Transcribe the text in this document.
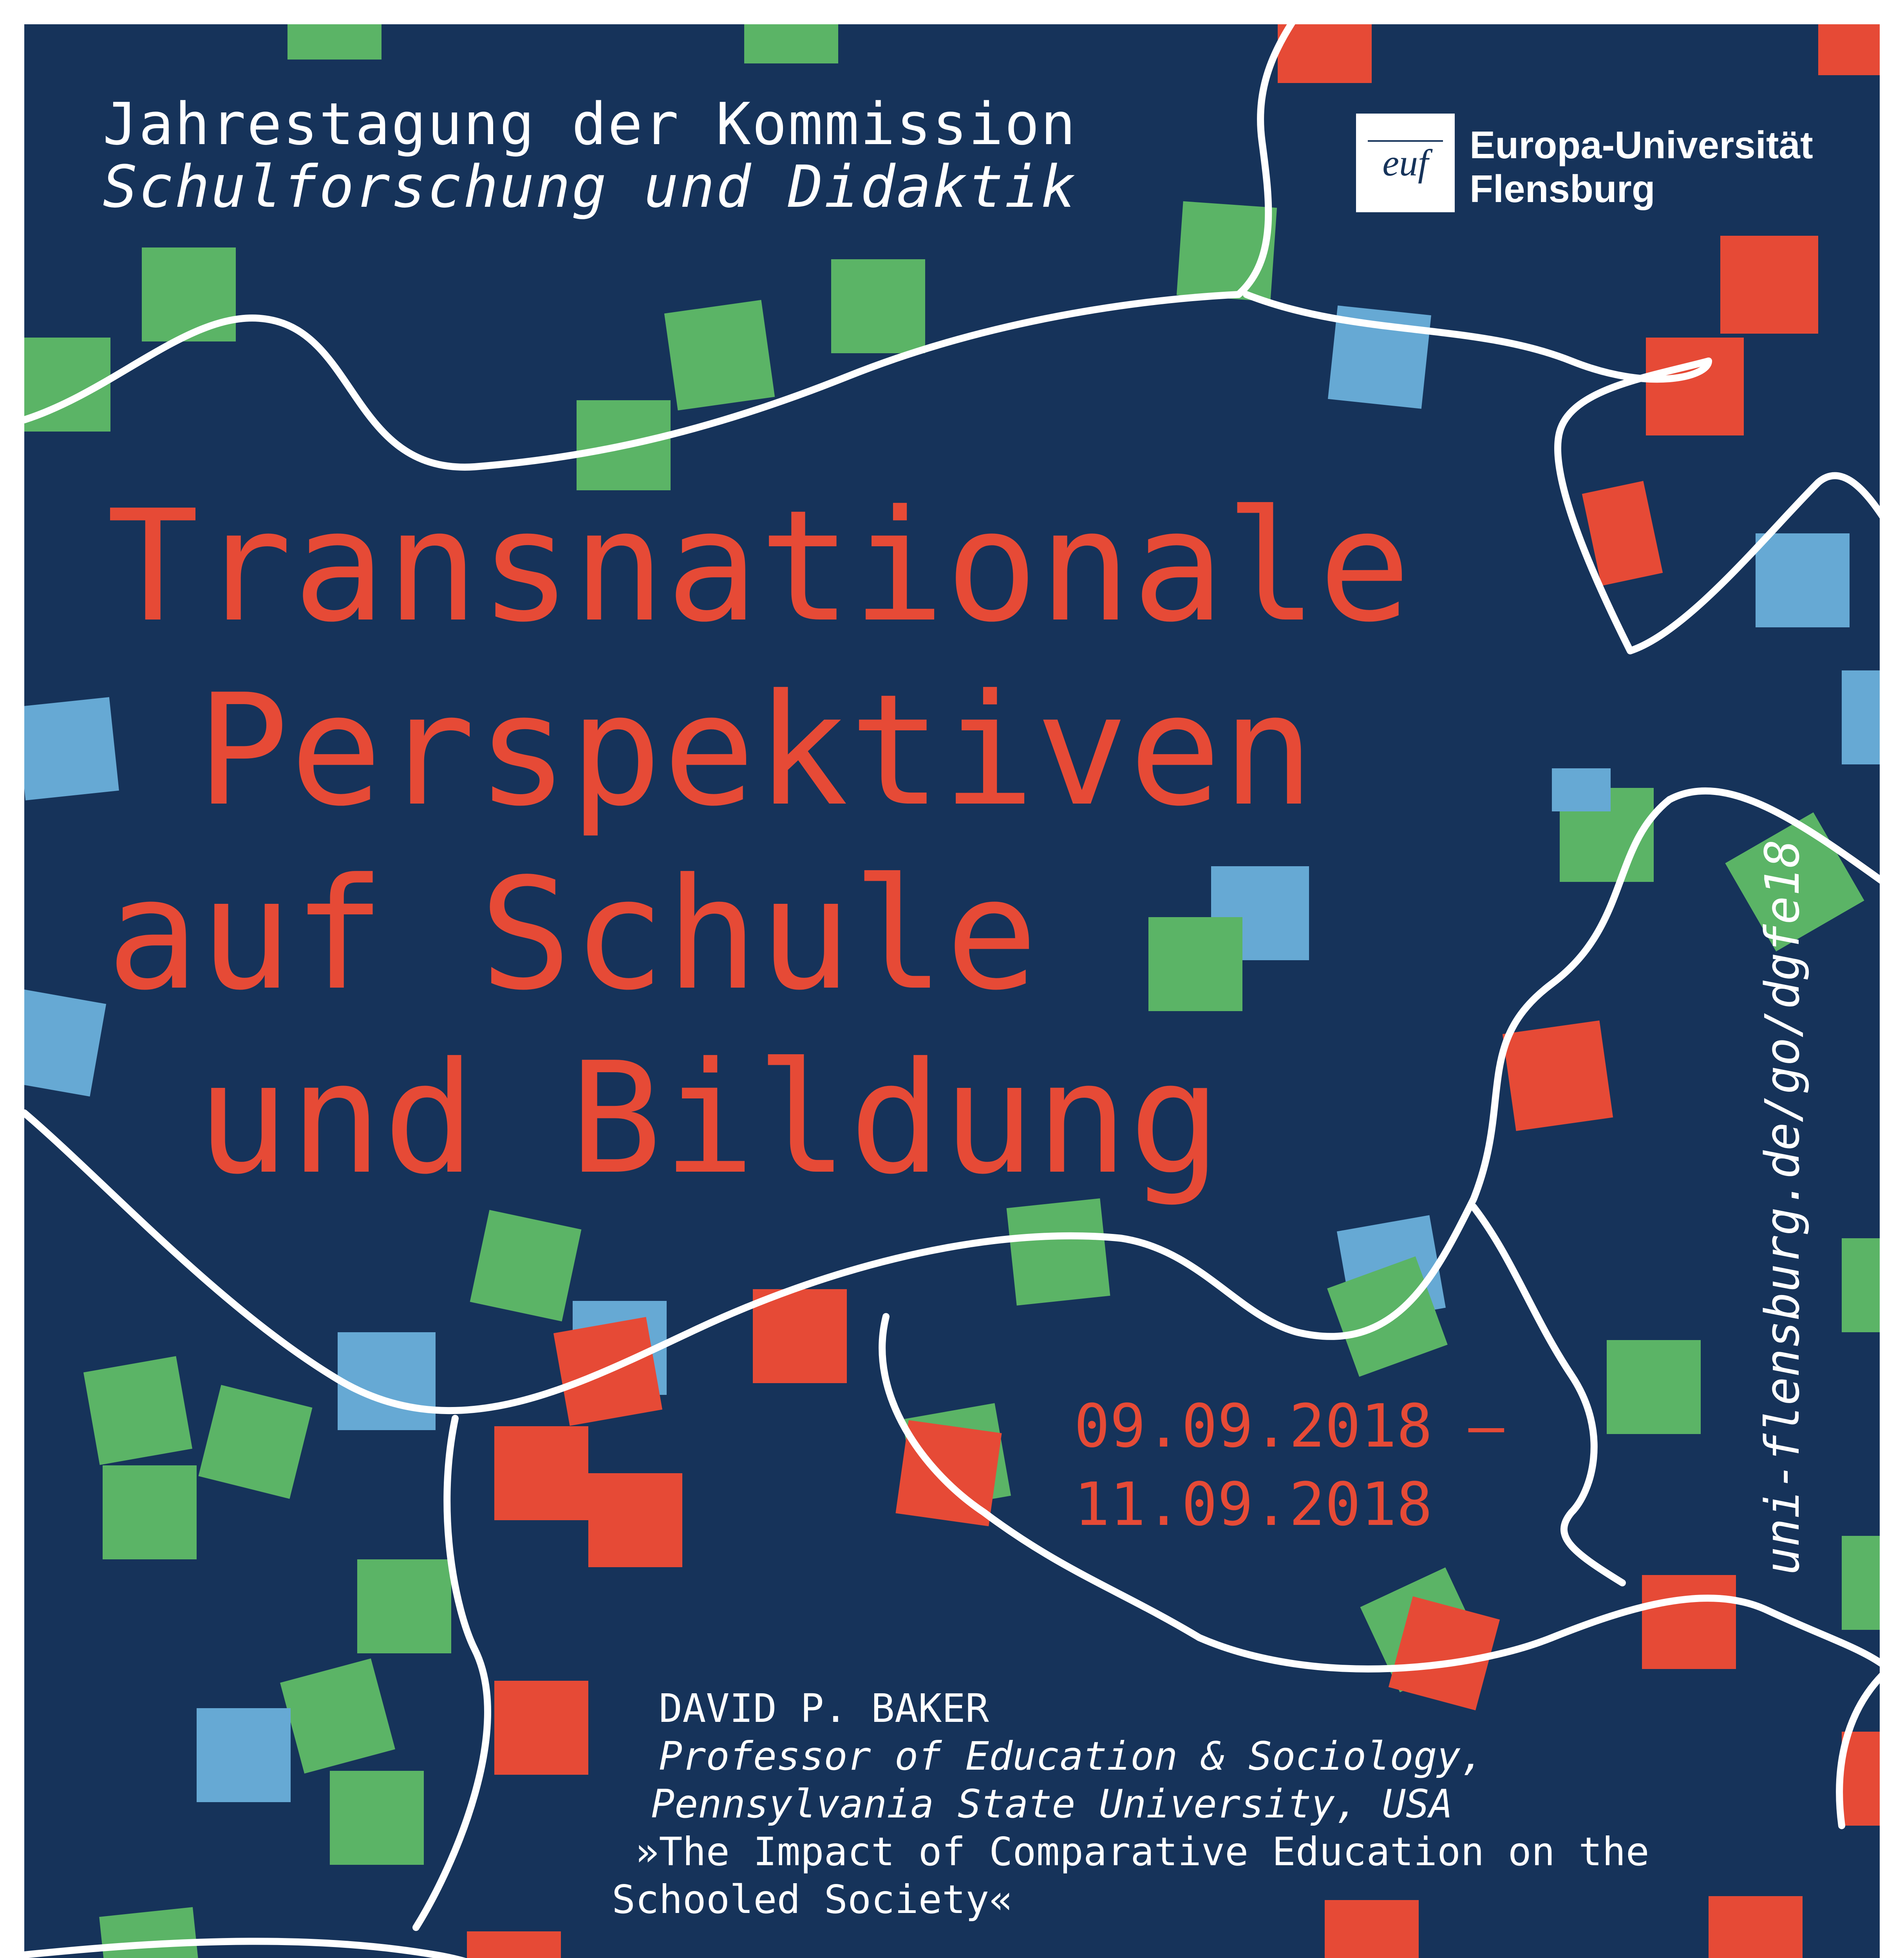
Jahrestagung der Kommission
Schulforschung und Didaktik	euf Europa-Universität
Flensburg
Transnationale
Perspektiven
auf Schule
und Bildung
09.09.2018 –
11.09.2018	uni-flensburg.de/go/dgfe18
DAVID P. BAKER
Professor of Education & Sociology,
Pennsylvania State University, USA
»The Impact of Comparative Education on the
Schooled Society«
